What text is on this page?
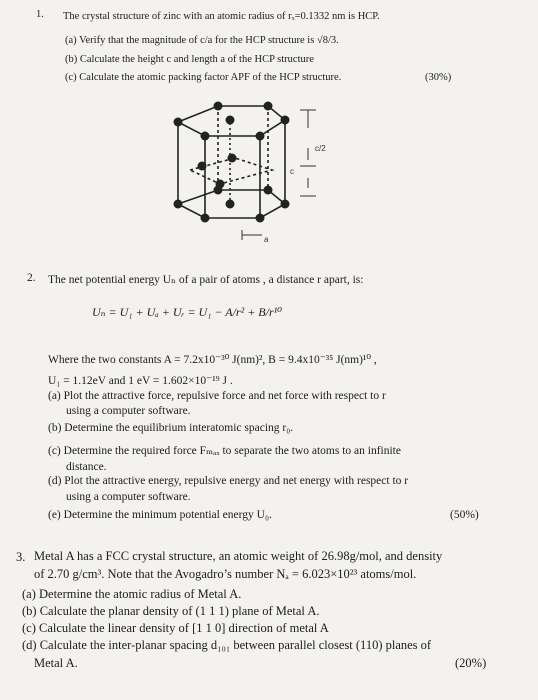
1. The crystal structure of zinc with an atomic radius of rₓ=0.1332 nm is HCP.
(a) Verify that the magnitude of c/a for the HCP structure is √8/3.
(b) Calculate the height c and length a of the HCP structure
(c) Calculate the atomic packing factor APF of the HCP structure.	(30%)
c/2
c
a
2. The net potential energy Uₙ of a pair of atoms , a distance r apart, is:
Uₙ = U₁ + Uₐ + Uᵣ = U₁ − A/r² + B/r¹⁰
Where the two constants A = 7.2x10⁻³⁰ J(nm)², B = 9.4x10⁻³⁵ J(nm)¹⁰ ,
U₁ = 1.12eV and 1 eV = 1.602×10⁻¹⁹ J .
(a) Plot the attractive force, repulsive force and net force with respect to r
using a computer software.
(b) Determine the equilibrium interatomic spacing r₀.
(c) Determine the required force Fₘₐₓ to separate the two atoms to an infinite
distance.
(d) Plot the attractive energy, repulsive energy and net energy with respect to r
using a computer software.
(e) Determine the minimum potential energy U₀.	(50%)
3. Metal A has a FCC crystal structure, an atomic weight of 26.98g/mol, and density
of 2.70 g/cm³. Note that the Avogadro’s number Nₐ = 6.023×10²³ atoms/mol.
(a) Determine the atomic radius of Metal A.
(b) Calculate the planar density of (1 1 1) plane of Metal A.
(c) Calculate the linear density of [1 1 0] direction of metal A
(d) Calculate the inter-planar spacing d₁₀₁ between parallel closest (110) planes of
Metal A.	(20%)
